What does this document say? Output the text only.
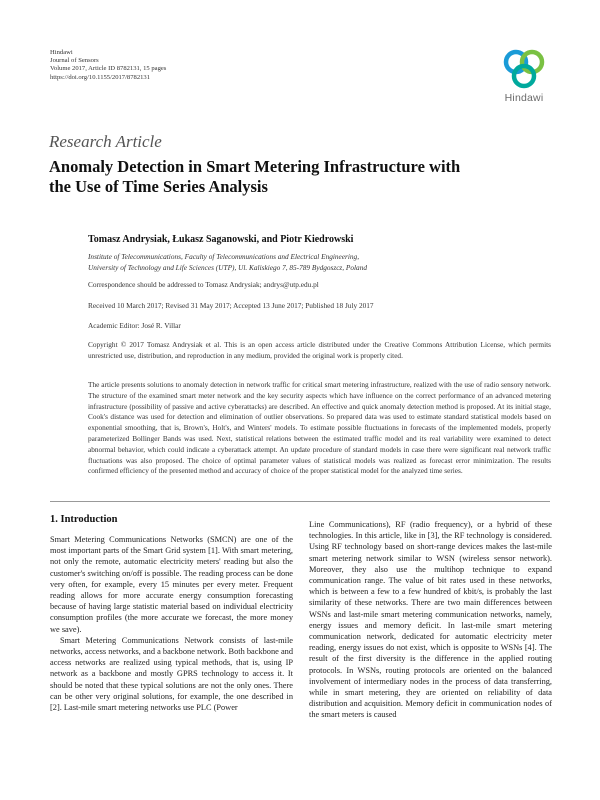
Hindawi
Journal of Sensors
Volume 2017, Article ID 8782131, 15 pages
https://doi.org/10.1155/2017/8782131
Hindawi
Research Article
Anomaly Detection in Smart Metering Infrastructure with
the Use of Time Series Analysis
Tomasz Andrysiak, Łukasz Saganowski, and Piotr Kiedrowski
Institute of Telecommunications, Faculty of Telecommunications and Electrical Engineering,
University of Technology and Life Sciences (UTP), Ul. Kaliskiego 7, 85-789 Bydgoszcz, Poland
Correspondence should be addressed to Tomasz Andrysiak; andrys@utp.edu.pl
Received 10 March 2017; Revised 31 May 2017; Accepted 13 June 2017; Published 18 July 2017
Academic Editor: José R. Villar
Copyright © 2017 Tomasz Andrysiak et al. This is an open access article distributed under the Creative Commons Attribution License, which permits unrestricted use, distribution, and reproduction in any medium, provided the original work is properly cited.
The article presents solutions to anomaly detection in network traffic for critical smart metering infrastructure, realized with the use of radio sensory network. The structure of the examined smart meter network and the key security aspects which have influence on the correct performance of an advanced metering infrastructure (possibility of passive and active cyberattacks) are described. An effective and quick anomaly detection method is proposed. At its initial stage, Cook's distance was used for detection and elimination of outlier observations. So prepared data was used to estimate standard statistical models based on exponential smoothing, that is, Brown's, Holt's, and Winters' models. To estimate possible fluctuations in forecasts of the implemented models, properly parameterized Bollinger Bands was used. Next, statistical relations between the estimated traffic model and its real variability were examined to detect abnormal behavior, which could indicate a cyberattack attempt. An update procedure of standard models in case there were significant real network traffic fluctuations was also proposed. The choice of optimal parameter values of statistical models was realized as forecast error minimization. The results confirmed efficiency of the presented method and accuracy of choice of the proper statistical model for the analyzed time series.
1. Introduction

Smart Metering Communications Networks (SMCN) are one of the most important parts of the Smart Grid system [1]. With smart metering, not only the remote, automatic electricity meters' reading but also the customer's switching on/off is possible. The reading process can be done very often, for example, every 15 minutes per every meter. Frequent reading allows for more accurate energy consumption forecasting because of having large statistic material based on individual electricity consumption profiles (the more accurate we forecast, the more money we save).

Smart Metering Communications Network consists of last-mile networks, access networks, and a backbone network. Both backbone and access networks are realized using typical methods, that is, using IP network as a backbone and mostly GPRS technology to access it. It should be noted that these typical solutions are not the only ones. There can be other very original solutions, for example, the one described in [2]. Last-mile smart metering networks use PLC (Power

Line Communications), RF (radio frequency), or a hybrid of these technologies. In this article, like in [3], the RF technology is considered. Using RF technology based on short-range devices makes the last-mile smart metering network similar to WSN (wireless sensor network). Moreover, they also use the multihop technique to expand communication range. The value of bit rates used in these networks, which is between a few to a few hundred of kbit/s, is probably the last similarity of these networks. There are two main differences between WSNs and last-mile smart metering communication networks, namely, energy issues and memory deficit. In last-mile smart metering communication network, dedicated for automatic electricity meter reading, energy issues do not exist, which is opposite to WSNs [4]. The result of the first diversity is the difference in the applied routing protocols. In WSNs, routing protocols are oriented on the balanced involvement of intermediary nodes in the process of data transferring, while in smart metering, they are oriented on reliability of data distribution and acquisition. Memory deficit in communication nodes of the smart meters is caused
